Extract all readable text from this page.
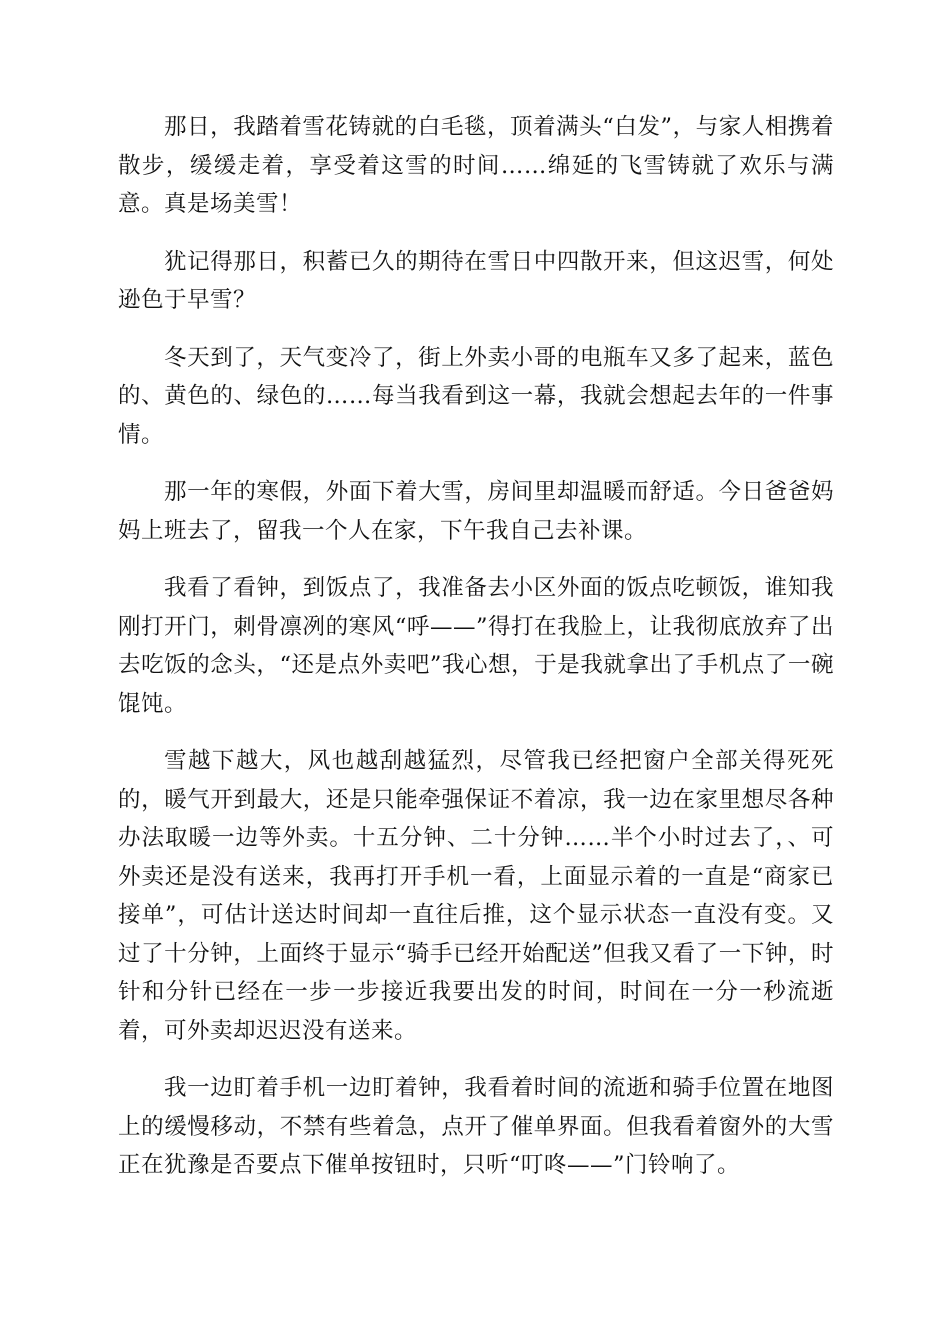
那日，我踏着雪花铸就的白毛毯，顶着满头“白发”，与家人相携着散步，缓缓走着，享受着这雪的时间……绵延的飞雪铸就了欢乐与满意。真是场美雪！

犹记得那日，积蓄已久的期待在雪日中四散开来，但这迟雪，何处逊色于早雪？

冬天到了，天气变冷了，街上外卖小哥的电瓶车又多了起来，蓝色的、黄色的、绿色的……每当我看到这一幕，我就会想起去年的一件事情。

那一年的寒假，外面下着大雪，房间里却温暖而舒适。今日爸爸妈妈上班去了，留我一个人在家，下午我自己去补课。

我看了看钟，到饭点了，我准备去小区外面的饭点吃顿饭，谁知我刚打开门，刺骨凛冽的寒风“呼——”得打在我脸上，让我彻底放弃了出去吃饭的念头，“还是点外卖吧”我心想，于是我就拿出了手机点了一碗馄饨。

雪越下越大，风也越刮越猛烈，尽管我已经把窗户全部关得死死的，暖气开到最大，还是只能牵强保证不着凉，我一边在家里想尽各种办法取暖一边等外卖。十五分钟、二十分钟……半个小时过去了，、可外卖还是没有送来，我再打开手机一看，上面显示着的一直是“商家已接单”，可估计送达时间却一直往后推，这个显示状态一直没有变。又过了十分钟，上面终于显示“骑手已经开始配送”但我又看了一下钟，时针和分针已经在一步一步接近我要出发的时间，时间在一分一秒流逝着，可外卖却迟迟没有送来。

我一边盯着手机一边盯着钟，我看着时间的流逝和骑手位置在地图上的缓慢移动，不禁有些着急，点开了催单界面。但我看着窗外的大雪正在犹豫是否要点下催单按钮时，只听“叮咚——”门铃响了。
